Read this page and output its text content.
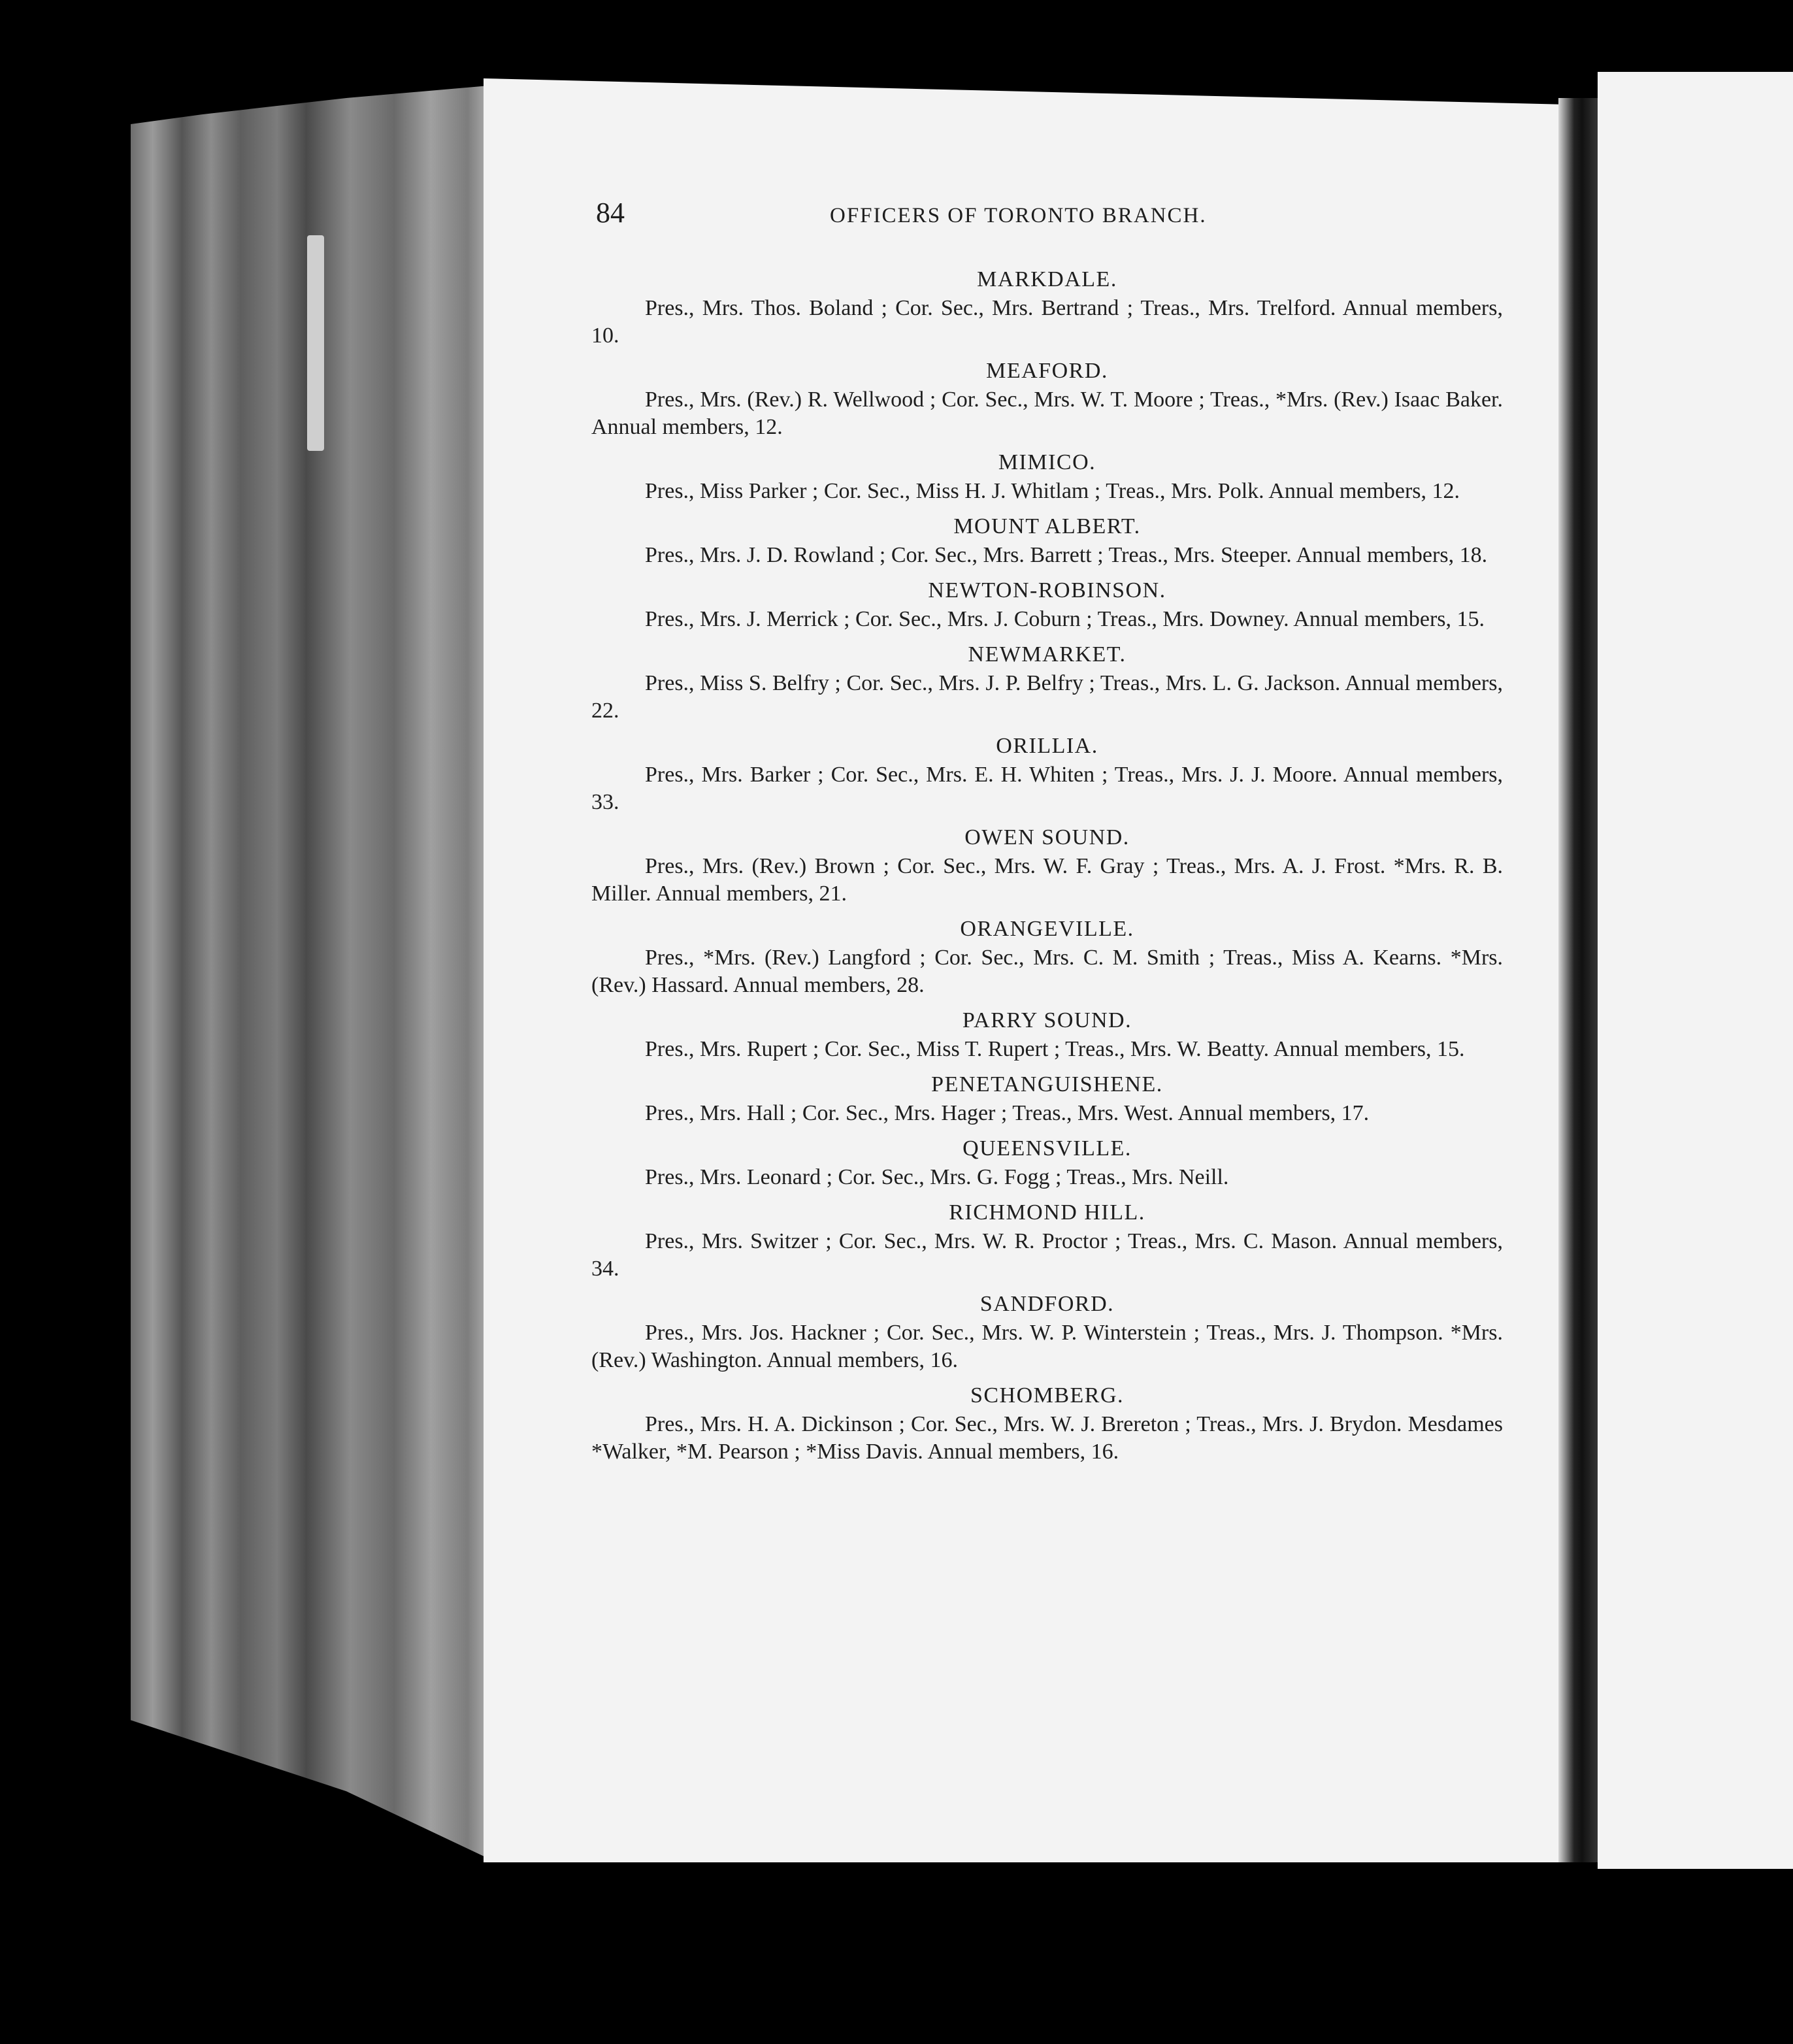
84	OFFICERS OF TORONTO BRANCH.
MARKDALE.
Pres., Mrs. Thos. Boland ; Cor. Sec., Mrs. Bertrand ; Treas., Mrs. Trelford. Annual members, 10.
MEAFORD.
Pres., Mrs. (Rev.) R. Wellwood ; Cor. Sec., Mrs. W. T. Moore ; Treas., *Mrs. (Rev.) Isaac Baker. Annual members, 12.
MIMICO.
Pres., Miss Parker ; Cor. Sec., Miss H. J. Whitlam ; Treas., Mrs. Polk. Annual members, 12.
MOUNT ALBERT.
Pres., Mrs. J. D. Rowland ; Cor. Sec., Mrs. Barrett ; Treas., Mrs. Steeper. Annual members, 18.
NEWTON-ROBINSON.
Pres., Mrs. J. Merrick ; Cor. Sec., Mrs. J. Coburn ; Treas., Mrs. Downey. Annual members, 15.
NEWMARKET.
Pres., Miss S. Belfry ; Cor. Sec., Mrs. J. P. Belfry ; Treas., Mrs. L. G. Jackson. Annual members, 22.
ORILLIA.
Pres., Mrs. Barker ; Cor. Sec., Mrs. E. H. Whiten ; Treas., Mrs. J. J. Moore. Annual members, 33.
OWEN SOUND.
Pres., Mrs. (Rev.) Brown ; Cor. Sec., Mrs. W. F. Gray ; Treas., Mrs. A. J. Frost. *Mrs. R. B. Miller. Annual members, 21.
ORANGEVILLE.
Pres., *Mrs. (Rev.) Langford ; Cor. Sec., Mrs. C. M. Smith ; Treas., Miss A. Kearns. *Mrs. (Rev.) Hassard. Annual members, 28.
PARRY SOUND.
Pres., Mrs. Rupert ; Cor. Sec., Miss T. Rupert ; Treas., Mrs. W. Beatty. Annual members, 15.
PENETANGUISHENE.
Pres., Mrs. Hall ; Cor. Sec., Mrs. Hager ; Treas., Mrs. West. Annual members, 17.
QUEENSVILLE.
Pres., Mrs. Leonard ; Cor. Sec., Mrs. G. Fogg ; Treas., Mrs. Neill.
RICHMOND HILL.
Pres., Mrs. Switzer ; Cor. Sec., Mrs. W. R. Proctor ; Treas., Mrs. C. Mason. Annual members, 34.
SANDFORD.
Pres., Mrs. Jos. Hackner ; Cor. Sec., Mrs. W. P. Winterstein ; Treas., Mrs. J. Thompson. *Mrs. (Rev.) Washington. Annual members, 16.
SCHOMBERG.
Pres., Mrs. H. A. Dickinson ; Cor. Sec., Mrs. W. J. Brereton ; Treas., Mrs. J. Brydon. Mesdames *Walker, *M. Pearson ; *Miss Davis. Annual members, 16.
